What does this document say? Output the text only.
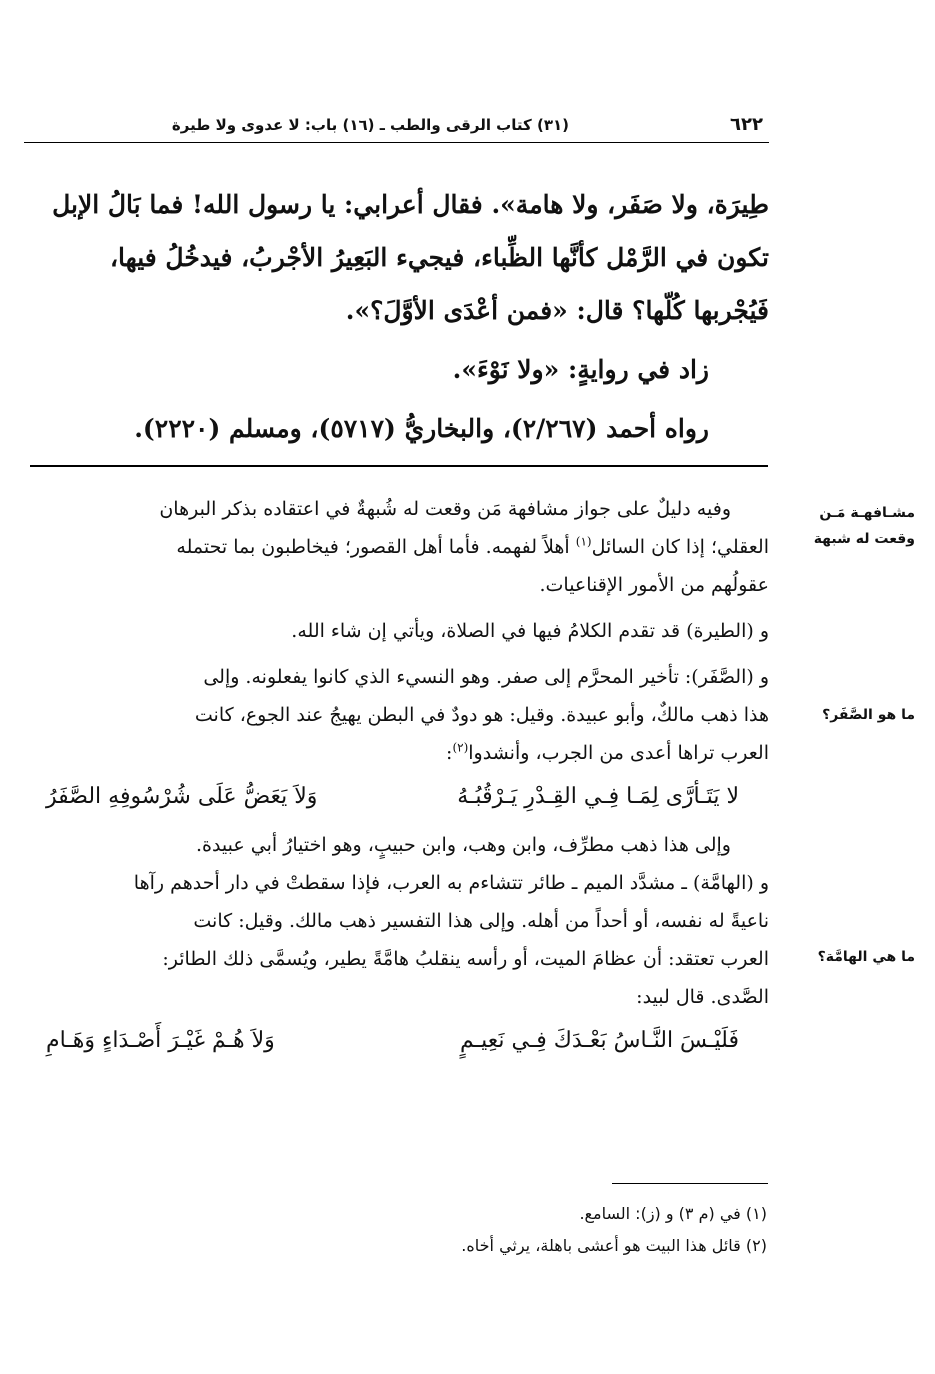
٦٢٢
(٣١) كتاب الرقى والطب ـ (١٦) باب: لا عدوى ولا طيرة

طِيرَة، ولا صَفَر، ولا هامة». فقال أعرابي: يا رسول الله! فما بَالُ الإبل

تكون في الرَّمْل كأنَّها الظِّباء، فيجيء البَعِيرُ الأجْربُ، فيدخُلُ فيها،

فَيُجْربها كُلّها؟ قال: «فمن أعْدَى الأوَّلَ؟».

زاد في روايةٍ: «ولا نَوْءَ».

رواه أحمد (٢/٢٦٧)، والبخاريُّ (٥٧١٧)، ومسلم (٢٢٢٠).

مشـافهـة مَـن
وقعت له شبهة
ما هو الصَّفَر؟
ما هي الهامَّة؟

وفيه دليلٌ على جواز مشافهة مَن وقعت له شُبهةٌ في اعتقاده بذكر البرهان

العقلي؛ إذا كان السائل$^{(١)}$ أهلاً لفهمه. فأما أهل القصور؛ فيخاطبون بما تحتمله

عقولُهم من الأمور الإقناعيات.

و (الطيرة) قد تقدم الكلامُ فيها في الصلاة، ويأتي إن شاء الله.

و (الصَّفَر): تأخير المحرَّم إلى صفر. وهو النسيء الذي كانوا يفعلونه. وإلى

هذا ذهب مالكٌ، وأبو عبيدة. وقيل: هو دودٌ في البطن يهيجُ عند الجوع، كانت

العرب تراها أعدى من الجرب، وأنشدوا$^{(٢)}$:

لا يَتَـأرَّى لِمَـا فِـي القِـدْرِ يَـرْقُبُـهُ
وَلاَ يَعَضُّ عَلَى شُرْسُوفِهِ الصَّفَرُ

وإلى هذا ذهب مطرِّف، وابن وهب، وابن حبيبٍ، وهو اختيارُ أبي عبيدة.

و (الهامَّة) ـ مشدَّد الميم ـ طائر تتشاءم به العرب، فإذا سقطتْ في دار أحدهم رآها

ناعيةً له نفسه، أو أحداً من أهله. وإلى هذا التفسير ذهب مالك. وقيل: كانت

العرب تعتقد: أن عظامَ الميت، أو رأسه ينقلبُ هامَّةً يطير، ويُسمَّى ذلك الطائر:

الصَّدى. قال لبيد:

فَلَيْـسَ النَّـاسُ بَعْـدَكَ فِـي نَعِيـمٍ
وَلاَ هُـمْ غَيْـرَ أَصْـدَاءٍ وَهَـامِ
(١) في (م ٣) و (ز): السامع.
(٢) قائل هذا البيت هو أعشى باهلة، يرثي أخاه.
